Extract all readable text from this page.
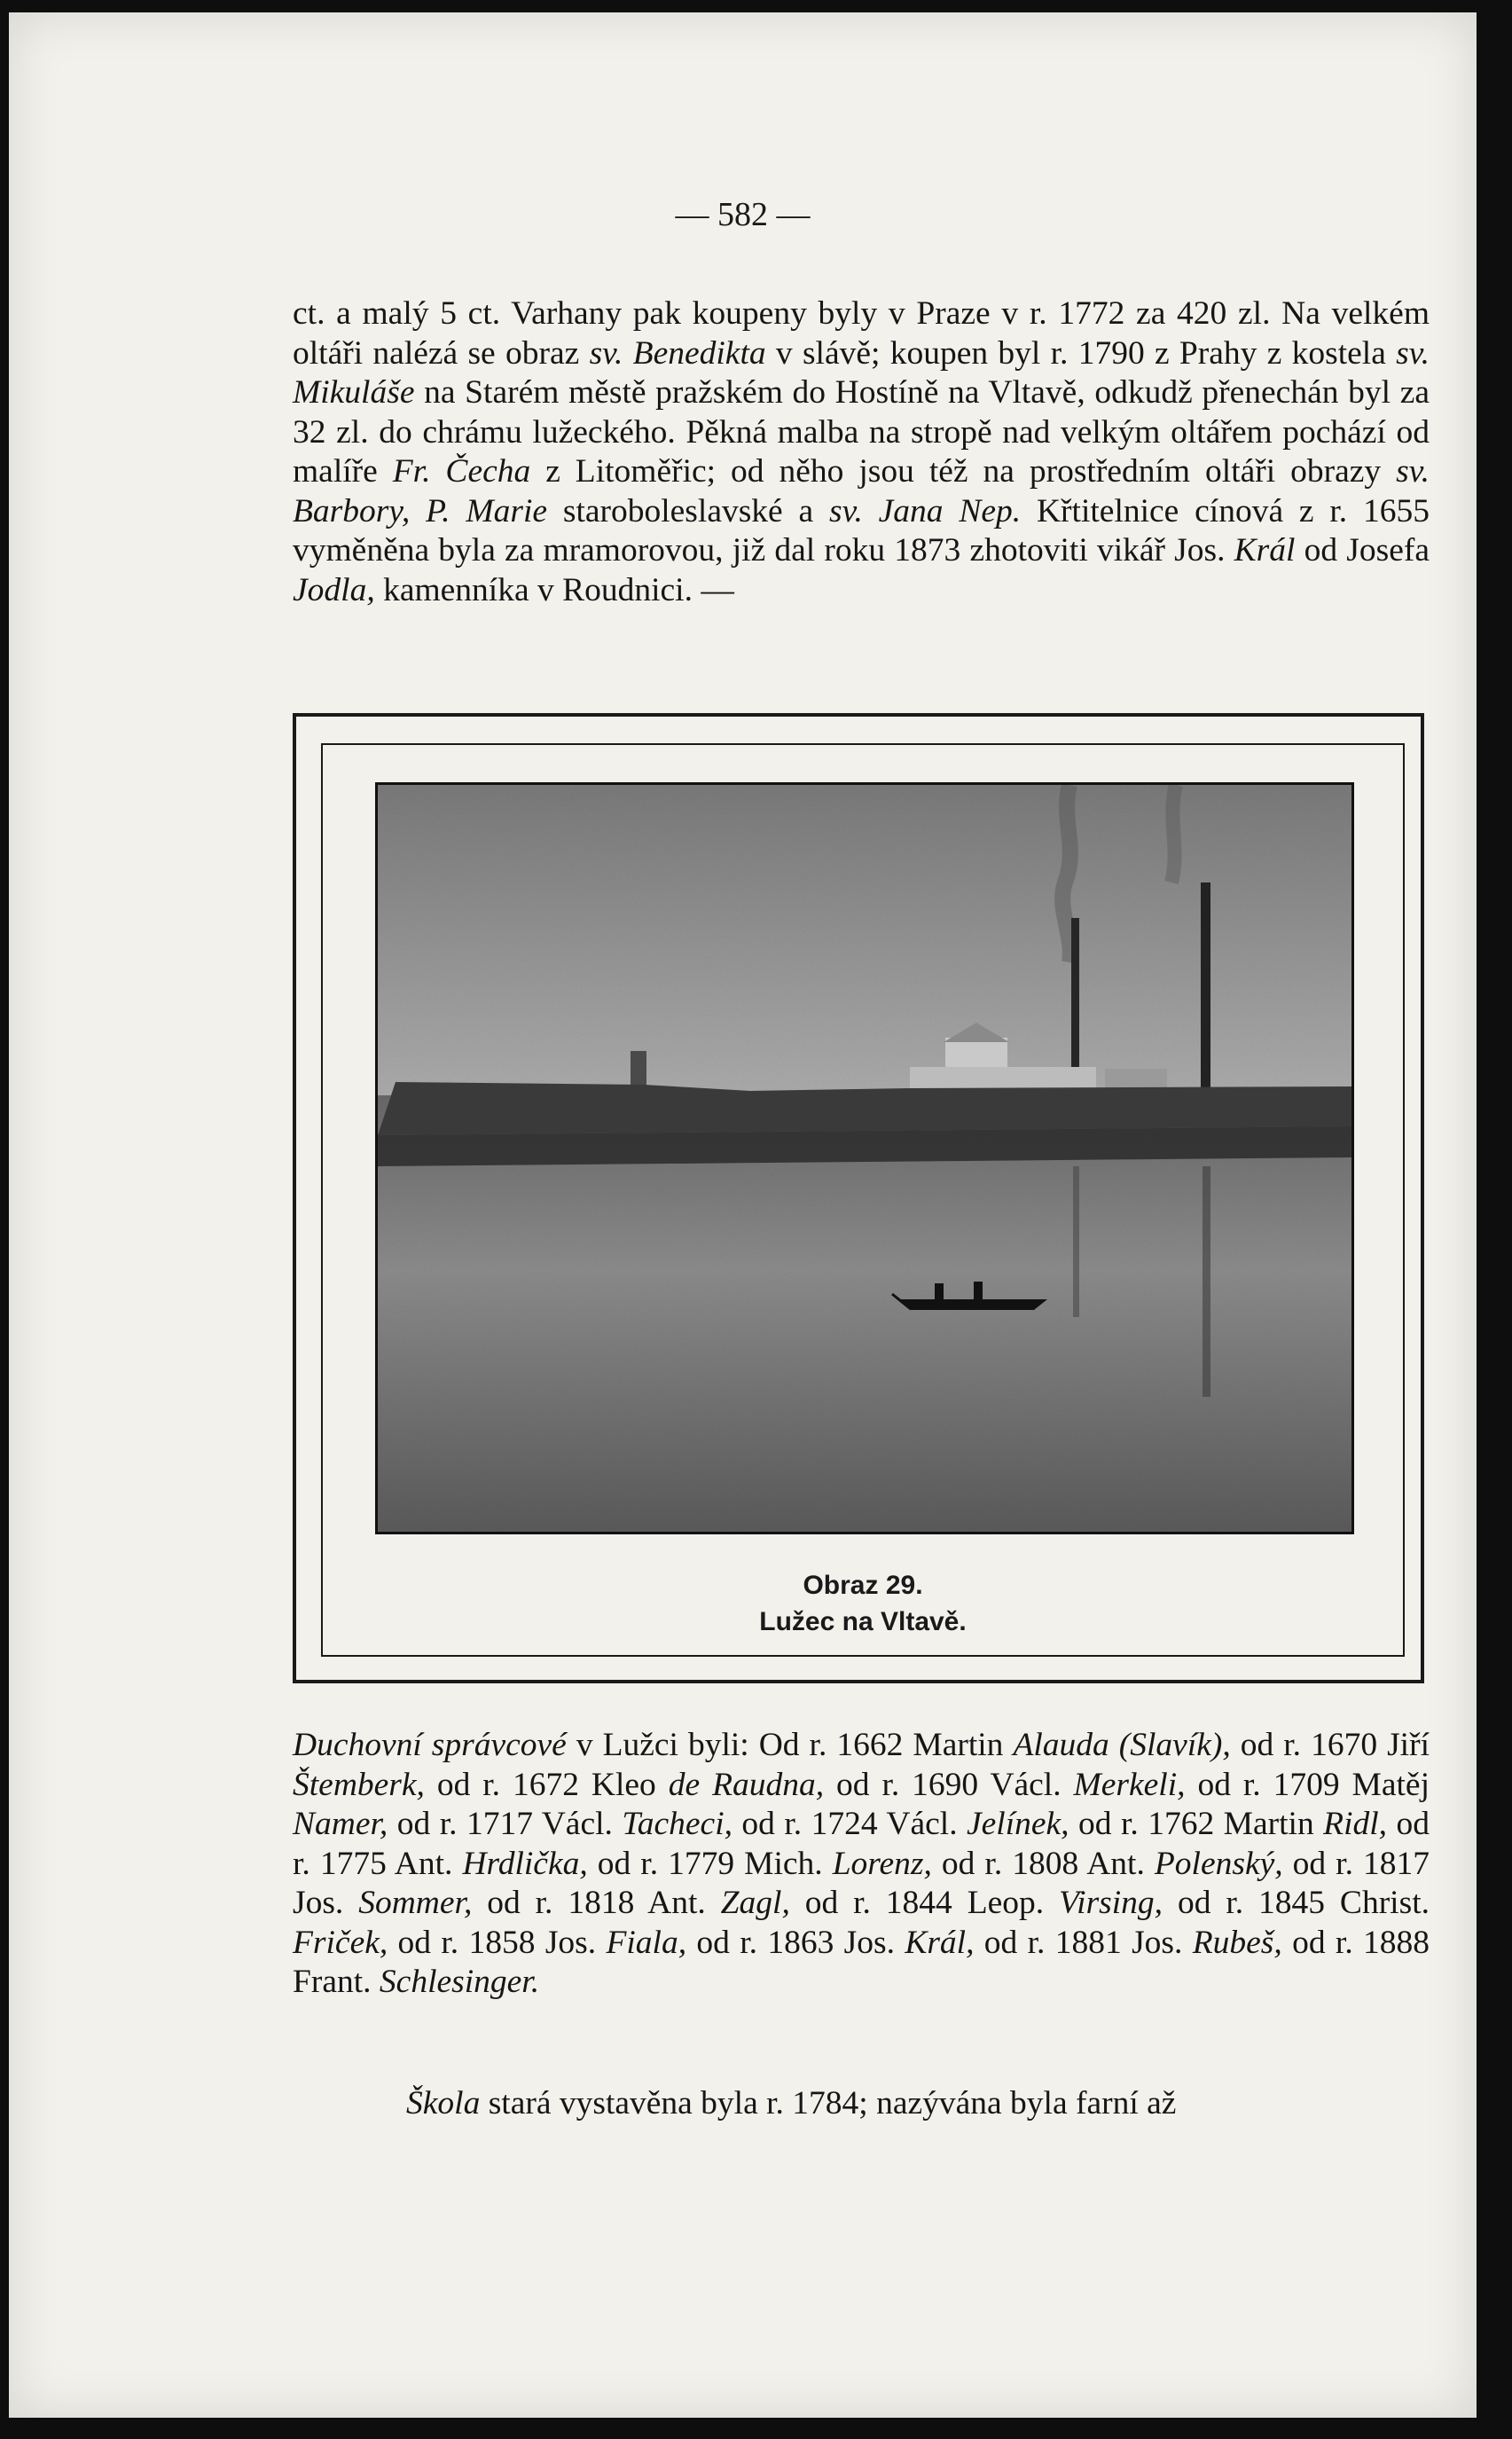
— 582 —

ct. a malý 5 ct. Varhany pak koupeny byly v Praze v r. 1772 za 420 zl. Na velkém oltáři nalézá se obraz sv. Benedikta v slávě; koupen byl r. 1790 z Prahy z kostela sv. Mikuláše na Starém městě pražském do Hostíně na Vltavě, odkudž přenechán byl za 32 zl. do chrámu lužeckého. Pěkná malba na stropě nad velkým oltářem pochází od malíře Fr. Čecha z Litoměřic; od něho jsou též na prostředním oltáři obrazy sv. Barbory, P. Marie staroboleslavské a sv. Jana Nep. Křtitelnice cínová z r. 1655 vyměněna byla za mramorovou, již dal roku 1873 zhotoviti vikář Jos. Král od Josefa Jodla, kamenníka v Roudnici. —

Obraz 29.
Lužec na Vltavě.

Duchovní správcové v Lužci byli: Od r. 1662 Martin Alauda (Slavík), od r. 1670 Jiří Štemberk, od r. 1672 Kleo de Raudna, od r. 1690 Václ. Merkeli, od r. 1709 Matěj Namer, od r. 1717 Václ. Tacheci, od r. 1724 Václ. Jelínek, od r. 1762 Martin Ridl, od r. 1775 Ant. Hrdlička, od r. 1779 Mich. Lorenz, od r. 1808 Ant. Polenský, od r. 1817 Jos. Sommer, od r. 1818 Ant. Zagl, od r. 1844 Leop. Virsing, od r. 1845 Christ. Friček, od r. 1858 Jos. Fiala, od r. 1863 Jos. Král, od r. 1881 Jos. Rubeš, od r. 1888 Frant. Schlesinger.

Škola stará vystavěna byla r. 1784; nazývána byla farní až
